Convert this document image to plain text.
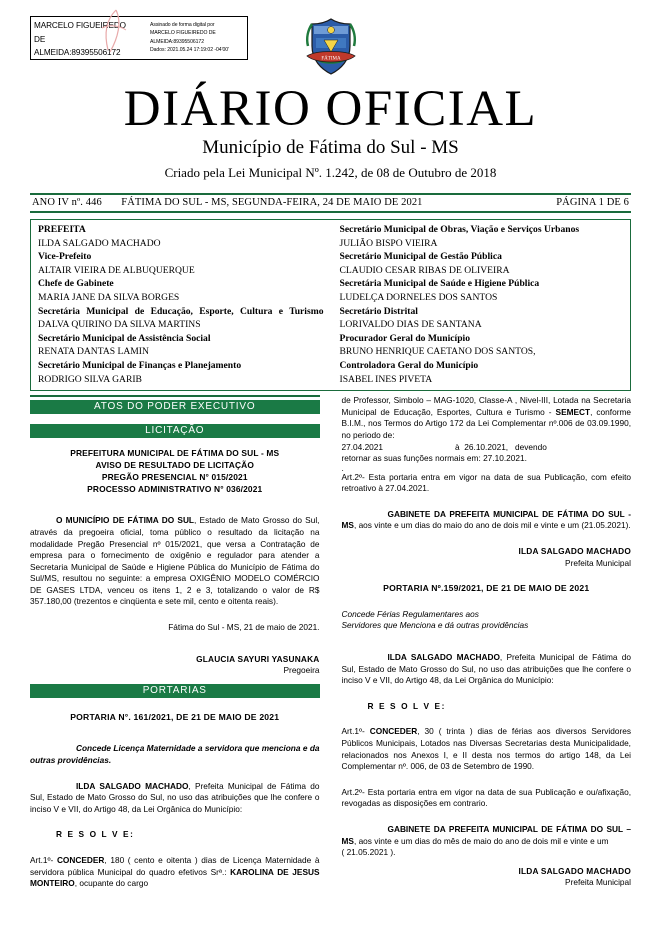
MARCELO FIGUEIREDO
DE
ALMEIDA:89395506172
Assinado de forma digital por
MARCELO FIGUEIREDO DE
ALMEIDA:89395506172
Dados: 2021.05.24 17:19:02 -04'00'
FÁTIMA
DIÁRIO OFICIAL
Município de Fátima do Sul - MS
Criado pela Lei Municipal Nº. 1.242, de 08 de Outubro de 2018
ANO IV nº. 446 FÁTIMA DO SUL - MS, SEGUNDA-FEIRA, 24 DE MAIO DE 2021	PÁGINA 1 DE 6
PREFEITA
ILDA SALGADO MACHADO
Vice-Prefeito
ALTAIR VIEIRA DE ALBUQUERQUE
Chefe de Gabinete
MARIA JANE DA SILVA BORGES
Secretária Municipal de Educação, Esporte, Cultura e Turismo
DALVA QUIRINO DA SILVA MARTINS
Secretário Municipal de Assistência Social
RENATA DANTAS LAMIN
Secretário Municipal de Finanças e Planejamento
RODRIGO SILVA GARIB
Secretário Municipal de Obras, Viação e Serviços Urbanos
JULIÃO BISPO VIEIRA
Secretário Municipal de Gestão Pública
CLAUDIO CESAR RIBAS DE OLIVEIRA
Secretária Municipal de Saúde e Higiene Pública
LUDELÇA DORNELES DOS SANTOS
Secretário Distrital
LORIVALDO DIAS DE SANTANA
Procurador Geral do Município
BRUNO HENRIQUE CAETANO DOS SANTOS,
Controladora Geral do Município
ISABEL INES PIVETA
ATOS DO PODER EXECUTIVO
LICITAÇÃO
PREFEITURA MUNICIPAL DE FÁTIMA DO SUL - MS
AVISO DE RESULTADO DE LICITAÇÃO
PREGÃO PRESENCIAL N° 015/2021
PROCESSO ADMINISTRATIVO N° 036/2021

O MUNICÍPIO DE FÁTIMA DO SUL, Estado de Mato Grosso do Sul, através da pregoeira oficial, toma público o resultado da licitação na modalidade Pregão Presencial nº 015/2021, que versa a Contratação de empresa para o fornecimento de oxigênio e regulador para atender a Secretaria Municipal de Saúde e Higiene Pública do Município de Fátima do Sul/MS, resultou no seguinte: a empresa OXIGÊNIO MODELO COMÉRCIO DE GASES LTDA, venceu os itens 1, 2 e 3, totalizando o valor de R$ 357.180,00 (trezentos e cinqüenta e sete mil, cento e oitenta reais).

Fátima do Sul - MS, 21 de maio de 2021.

GLAUCIA SAYURI YASUNAKA

Pregoeira

PORTARIAS

PORTARIA N°. 161/2021, DE 21 DE MAIO DE 2021

Concede Licença Maternidade a servidora que menciona e da outras providências.

ILDA SALGADO MACHADO, Prefeita Municipal de Fátima do Sul, Estado de Mato Grosso do Sul, no uso das atribuições que lhe confere o inciso V e VII, do Artigo 48, da Lei Orgânica do Município:

R E S O L V E:

Art.1º- CONCEDER, 180 ( cento e oitenta ) dias de Licença Maternidade à servidora pública Municipal do quadro efetivos Srª.: KAROLINA DE JESUS MONTEIRO, ocupante do cargo

de Professor, Simbolo – MAG-1020, Classe-A , Nivel-III, Lotada na Secretaria Municipal de Educação, Esportes, Cultura e Turismo - SEMECT, conforme B.I.M., nos Termos do Artigo 172 da Lei Complementar nº.006 de 03.09.1990, no periodo de:

27.04.2021	à 26.10.2021, devendo

retornar as suas funções normais em: 27.10.2021.

.

Art.2º- Esta portaria entra em vigor na data de sua Publicação, com efeito retroativo à 27.04.2021.

GABINETE DA PREFEITA MUNICIPAL DE FÁTIMA DO SUL - MS, aos vinte e um dias do maio do ano de dois mil e vinte e um (21.05.2021).

ILDA SALGADO MACHADO

Prefeita Municipal

PORTARIA Nº.159/2021, DE 21 DE MAIO DE 2021

Concede Férias Regulamentares aos

Servidores que Menciona e dá outras providências

ILDA SALGADO MACHADO, Prefeita Municipal de Fátima do Sul, Estado de Mato Grosso do Sul, no uso das atribuições que lhe confere o inciso V e VII, do Artigo 48, da Lei Orgânica do Município:

R E S O L V E:

Art.1º- CONCEDER, 30 ( trinta ) dias de férias aos diversos Servidores Públicos Municipais, Lotados nas Diversas Secretarias desta Municipalidade, relacionados nos Anexos I, e II desta nos termos do artigo 148, da Lei Complementar nº. 006, de 03 de Setembro de 1990.

Art.2º- Esta portaria entra em vigor na data de sua Publicação e ou/afixação, revogadas as disposições em contrario.

GABINETE DA PREFEITA MUNICIPAL DE FÁTIMA DO SUL – MS, aos vinte e um dias do mês de maio do ano de dois mil e vinte e um

( 21.05.2021 ).

ILDA SALGADO MACHADO

Prefeita Municipal
